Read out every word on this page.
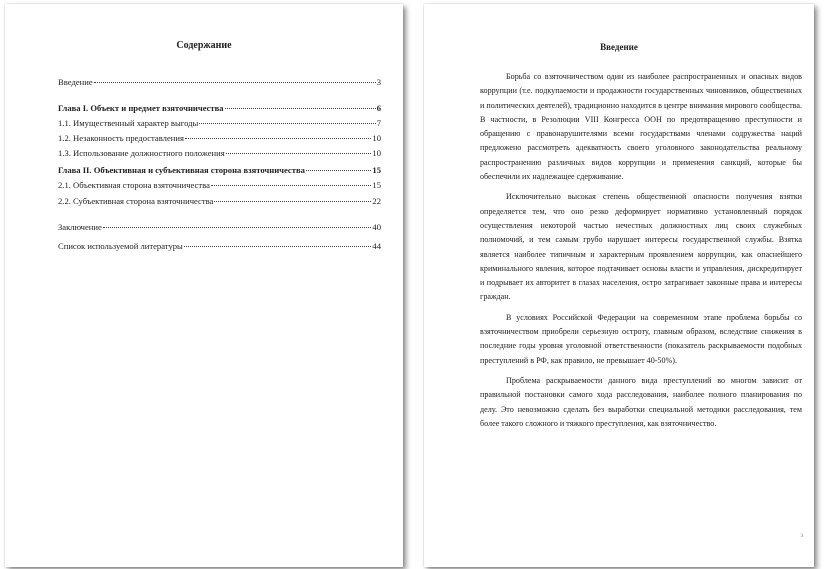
Содержание
Введение	3
Глава I. Объект и предмет взяточничества	6
1.1. Имущественный характер выгоды	7
1.2. Незаконность предоставления	10
1.3. Использование должностного положения	10
Глава II. Объективная и субъективная сторона взяточничества	15
2.1. Объективная сторона взяточничества	15
2.2. Субъективная сторона взяточничества	22
Заключение	40
Список используемой литературы	44
Введение

Борьба со взяточничеством один из наиболее распространенных и опасных видов коррупции (т.е. подкупаемости и продажности государственных чиновников, общественных и политических деятелей), традиционно находится в центре внимания мирового сообщества. В частности, в Резолюции VIII Конгресса ООН по предотвращению преступности и обращению с правонарушителями всеми государствами членами содружества наций предложено рассмотреть адекватность своего уголовного законодательства реальному распространению различных видов коррупции и применения санкций, которые бы обеспечили их надлежащее сдерживание.

Исключительно высокая степень общественной опасности получения взятки определяется тем, что оно резко деформирует нормативно установленный порядок осуществления некоторой частью нечестных должностных лиц своих служебных полномочий, и тем самым грубо нарушает интересы государственной службы. Взятка является наиболее типичным и характерным проявлением коррупции, как опаснейшего криминального явления, которое подтачивает основы власти и управления, дискредитирует и подрывает их авторитет в глазах населения, остро затрагивает законные права и интересы граждан.

В условиях Российской Федерации на современном этапе проблема борьбы со взяточничеством приобрели серьезную остроту, главным образом, вследствие снижения в последние годы уровня уголовной ответственности (показатель раскрываемости подобных преступлений в РФ, как правило, не превышает 40-50%).

Проблема раскрываемости данного вида преступлений во многом зависит от правильной постановки самого хода расследования, наиболее полного планирования по делу. Это невозможно сделать без выработки специальной методики расследования, тем более такого сложного и тяжкого преступления, как взяточничество.

3
